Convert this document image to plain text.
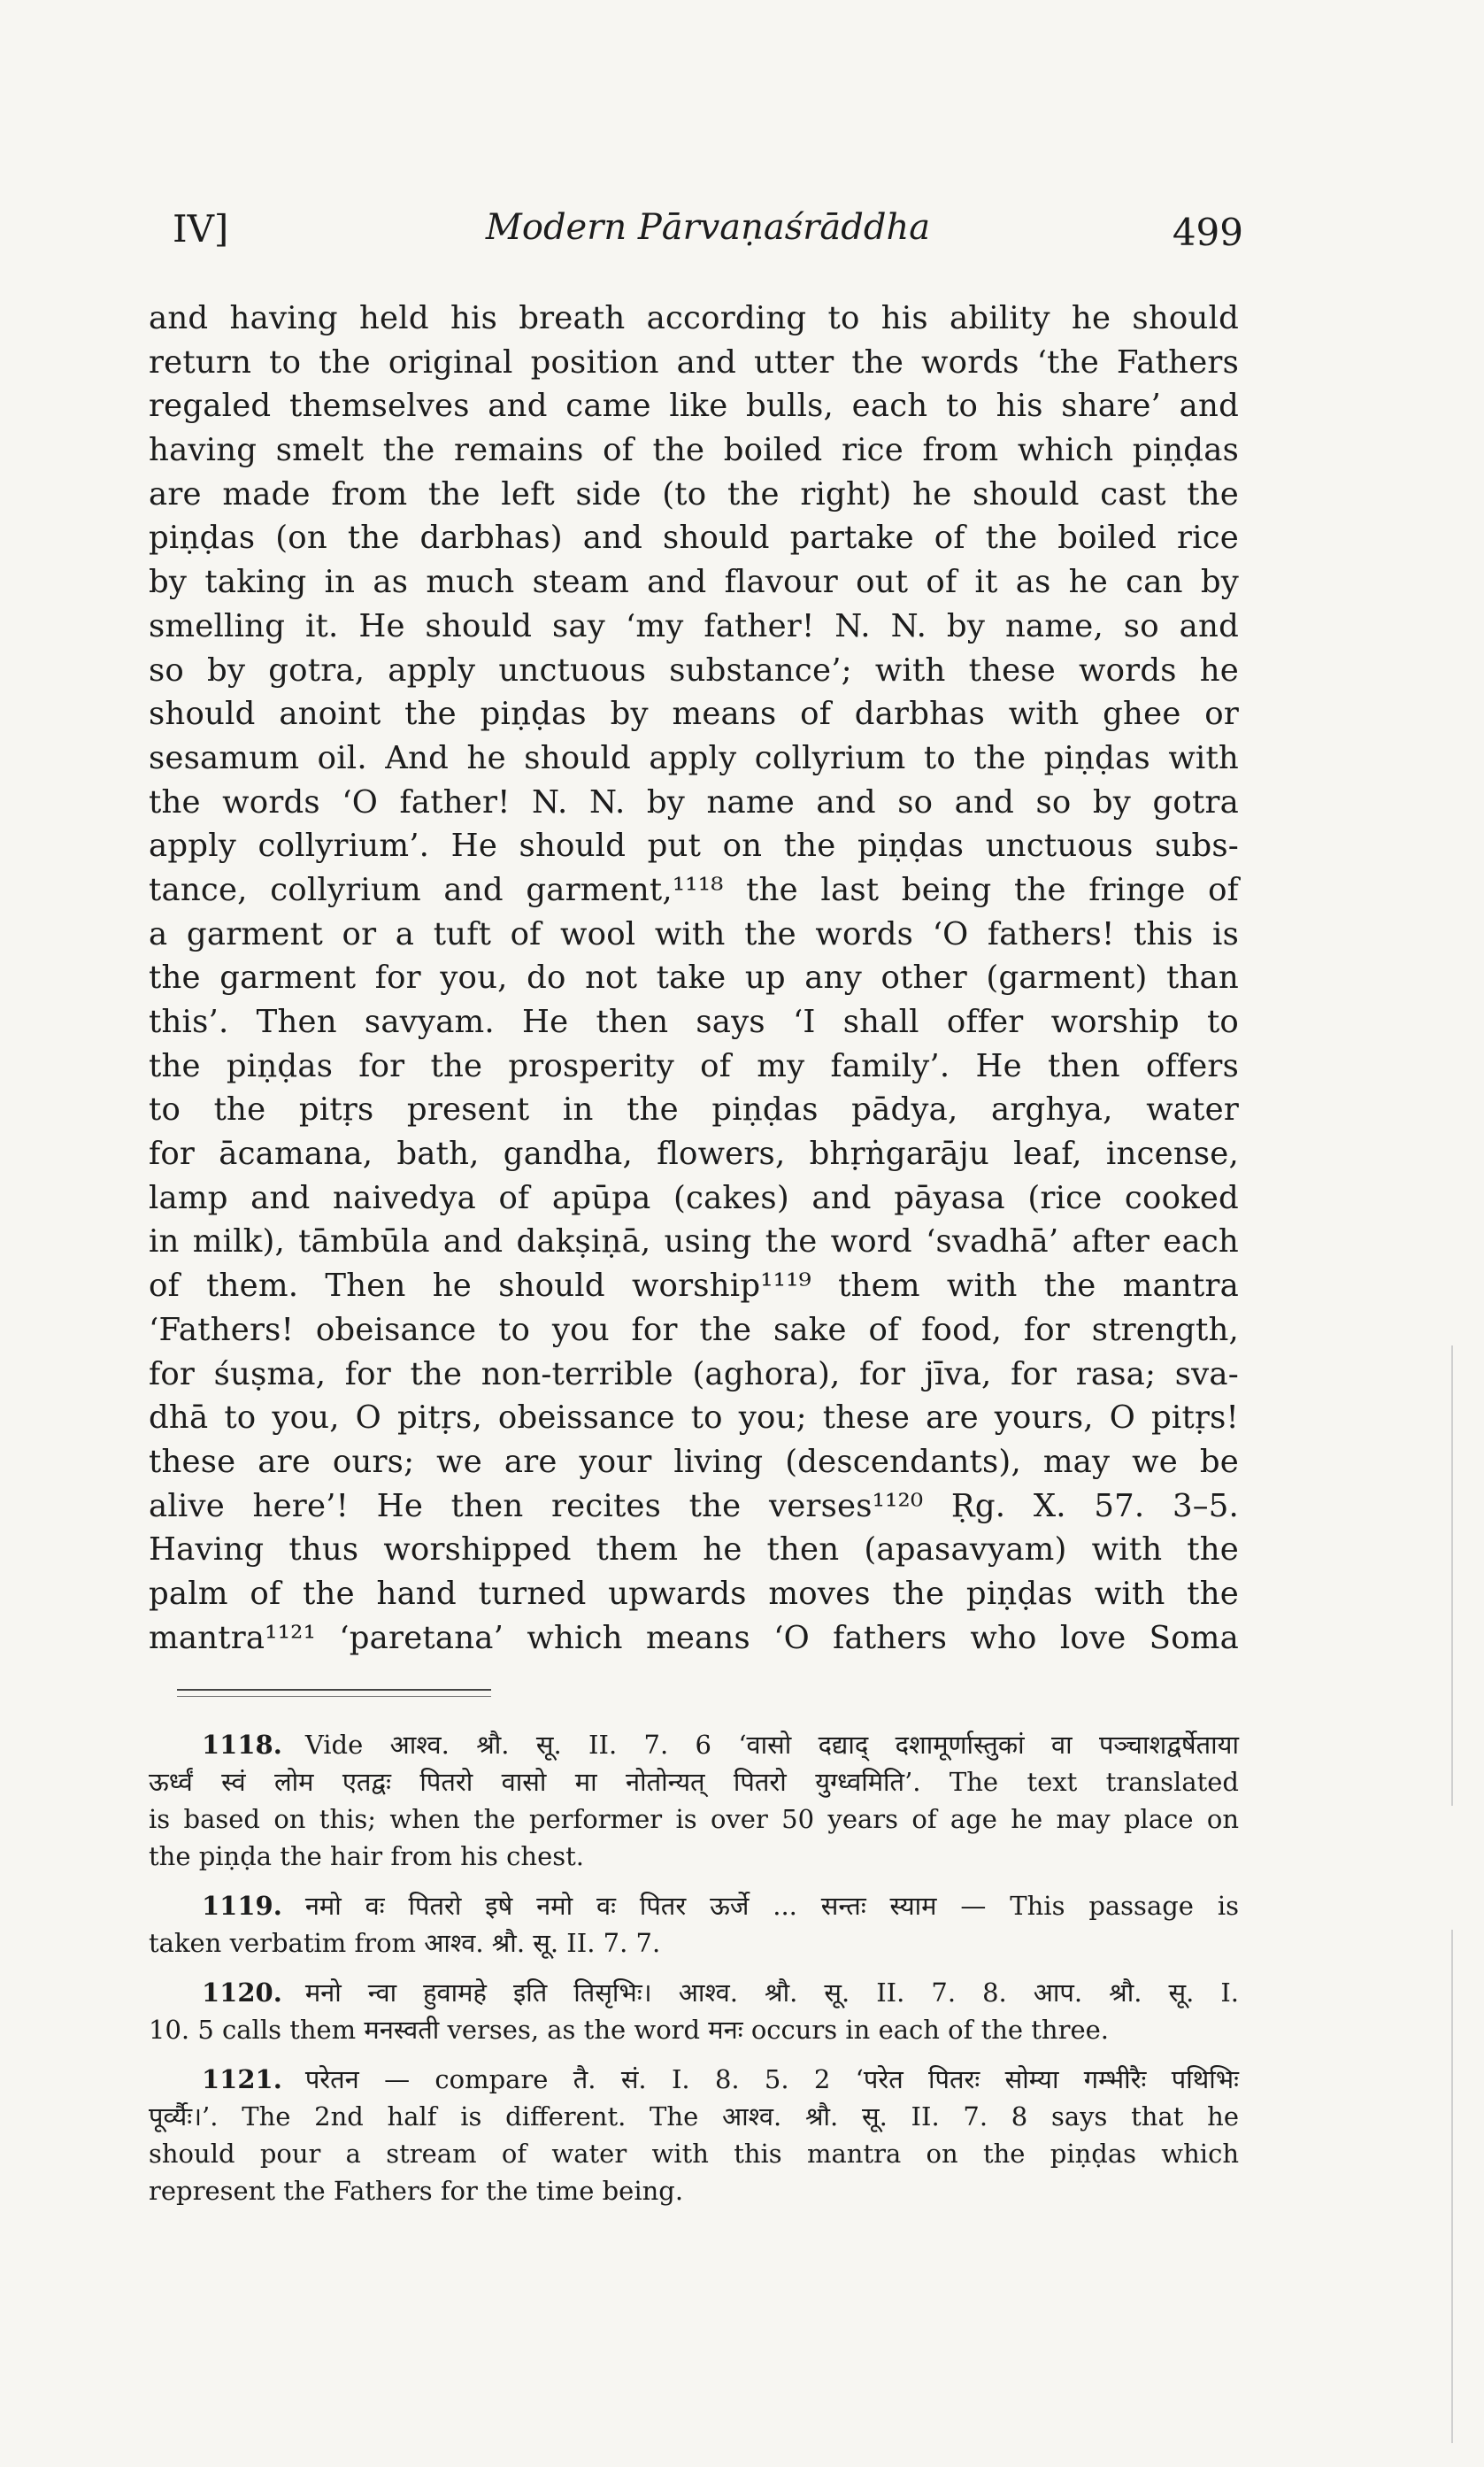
IV]	Modern Pārvaṇaśrāddha	499
and having held his breath according to his ability he should
return to the original position and utter the words ‘the Fathers
regaled themselves and came like bulls, each to his share’ and
having smelt the remains of the boiled rice from which piṇḍas
are made from the left side (to the right) he should cast the
piṇḍas (on the darbhas) and should partake of the boiled rice
by taking in as much steam and flavour out of it as he can by
smelling it. He should say ‘my father! N. N. by name, so and
so by gotra, apply unctuous substance’; with these words he
should anoint the piṇḍas by means of darbhas with ghee or
sesamum oil. And he should apply collyrium to the piṇḍas with
the words ‘O father! N. N. by name and so and so by gotra
apply collyrium’. He should put on the piṇḍas unctuous subs-
tance, collyrium and garment,¹¹¹⁸ the last being the fringe of
a garment or a tuft of wool with the words ‘O fathers! this is
the garment for you, do not take up any other (garment) than
this’. Then savyam. He then says ‘I shall offer worship to
the piṇḍas for the prosperity of my family’. He then offers
to the pitṛs present in the piṇḍas pādya, arghya, water
for ācamana, bath, gandha, flowers, bhṛṅgarāju leaf, incense,
lamp and naivedya of apūpa (cakes) and pāyasa (rice cooked
in milk), tāmbūla and dakṣiṇā, using the word ‘svadhā’ after each
of them. Then he should worship¹¹¹⁹ them with the mantra
‘Fathers! obeisance to you for the sake of food, for strength,
for śuṣma, for the non-terrible (aghora), for jīva, for rasa; sva-
dhā to you, O pitṛs, obeissance to you; these are yours, O pitṛs!
these are ours; we are your living (descendants), may we be
alive here’! He then recites the verses¹¹²⁰ Ṛg. X. 57. 3–5.
Having thus worshipped them he then (apasavyam) with the
palm of the hand turned upwards moves the piṇḍas with the
mantra¹¹²¹ ‘paretana’ which means ‘O fathers who love Soma
1118. Vide आश्व. श्रौ. सू. II. 7. 6 ‘वासो दद्याद् दशामूर्णास्तुकां वा पञ्चाशद्वर्षेताया
ऊर्ध्वं स्वं लोम एतद्वः पितरो वासो मा नोतोन्यत् पितरो युग्ध्वमिति’. The text translated
is based on this; when the performer is over 50 years of age he may place on
the piṇḍa the hair from his chest.
1119. नमो वः पितरो इषे नमो वः पितर ऊर्जे ... सन्तः स्याम — This passage is
taken verbatim from आश्व. श्रौ. सू. II. 7. 7.
1120. मनो न्वा हुवामहे इति तिसृभिः। आश्व. श्रौ. सू. II. 7. 8. आप. श्रौ. सू. I.
10. 5 calls them मनस्वती verses, as the word मनः occurs in each of the three.
1121. परेतन — compare तै. सं. I. 8. 5. 2 ‘परेत पितरः सोम्या गम्भीरैः पथिभिः
पूर्व्यैः।’. The 2nd half is different. The आश्व. श्रौ. सू. II. 7. 8 says that he
should pour a stream of water with this mantra on the piṇḍas which
represent the Fathers for the time being.
